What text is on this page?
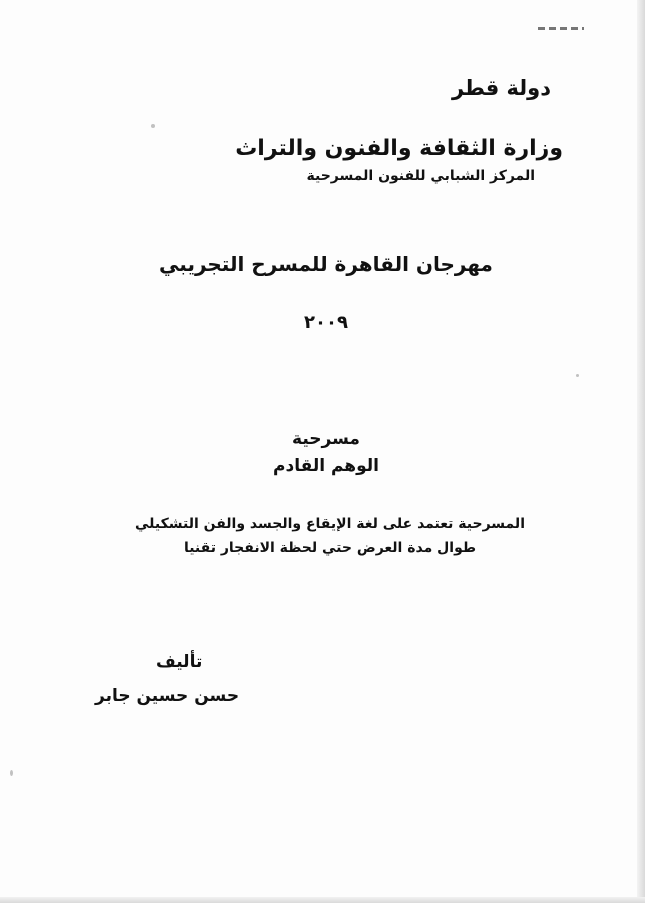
دولة قطر
وزارة الثقافة والفنون والتراث
المركز الشبابي للفنون المسرحية
مهرجان القاهرة للمسرح التجريبي
٢٠٠٩
مسرحية
الوهم القادم
المسرحية تعتمد على لغة الإيقاع والجسد والفن التشكيلي
طوال مدة العرض حتي لحظة الانفجار تقنيا
تأليف
حسن حسين جابر
